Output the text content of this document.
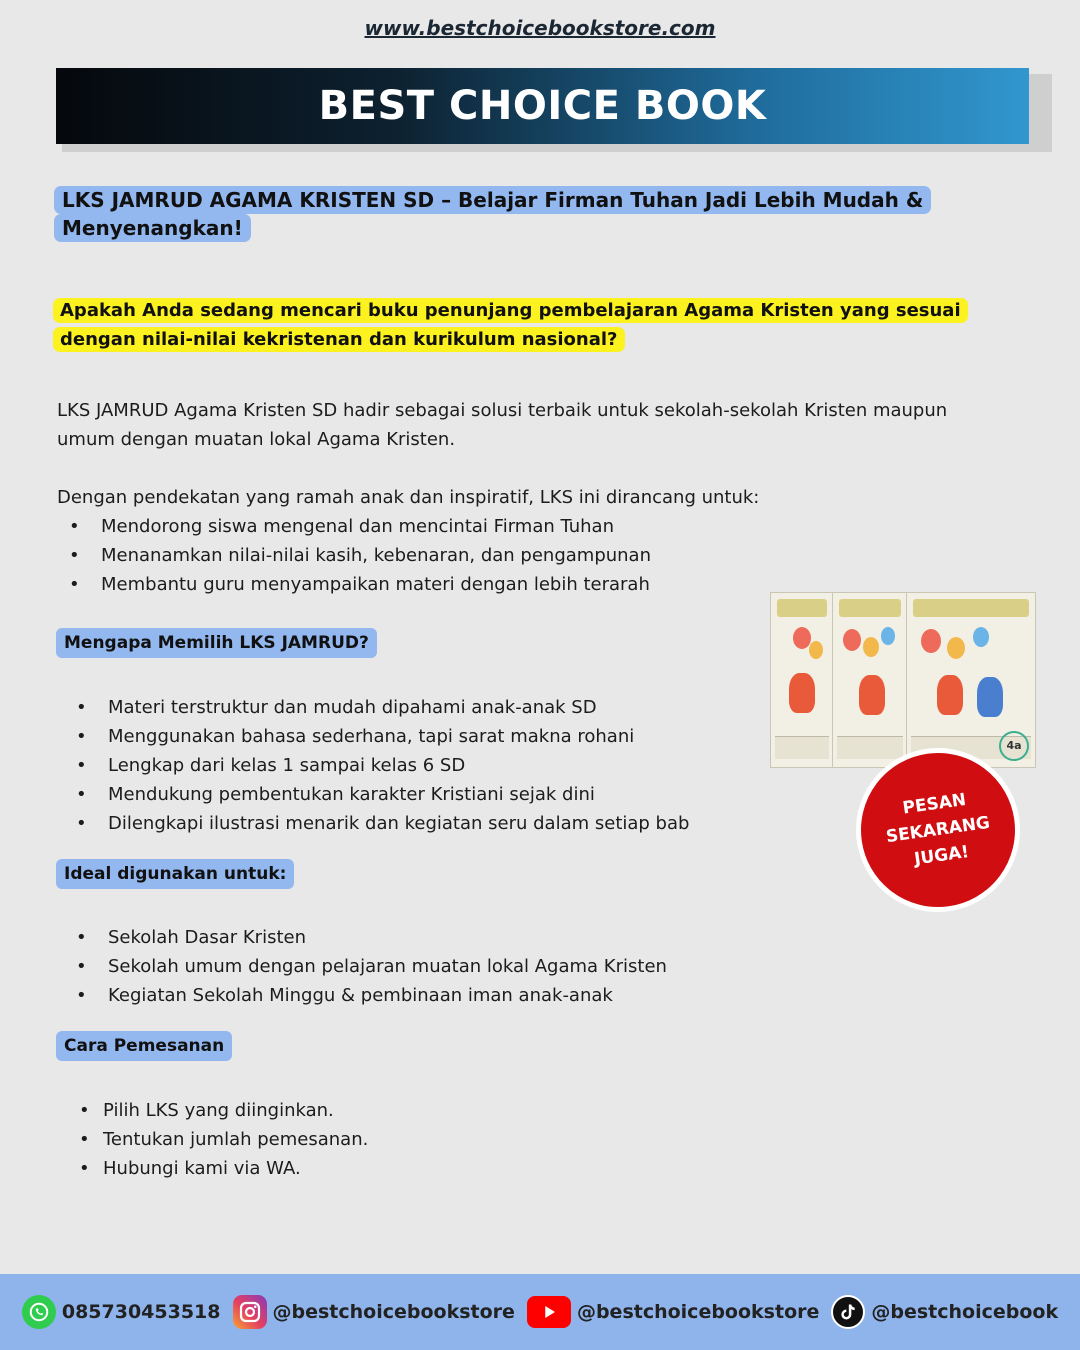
www.bestchoicebookstore.com
BEST CHOICE BOOK
LKS JAMRUD AGAMA KRISTEN SD – Belajar Firman Tuhan Jadi Lebih Mudah & Menyenangkan!
Apakah Anda sedang mencari buku penunjang pembelajaran Agama Kristen yang sesuai dengan nilai-nilai kekristenan dan kurikulum nasional?
LKS JAMRUD Agama Kristen SD hadir sebagai solusi terbaik untuk sekolah-sekolah Kristen maupun umum dengan muatan lokal Agama Kristen.
Dengan pendekatan yang ramah anak dan inspiratif, LKS ini dirancang untuk:
• Mendorong siswa mengenal dan mencintai Firman Tuhan
• Menanamkan nilai-nilai kasih, kebenaran, dan pengampunan
• Membantu guru menyampaikan materi dengan lebih terarah
Mengapa Memilih LKS JAMRUD?
• Materi terstruktur dan mudah dipahami anak-anak SD
• Menggunakan bahasa sederhana, tapi sarat makna rohani
• Lengkap dari kelas 1 sampai kelas 6 SD
• Mendukung pembentukan karakter Kristiani sejak dini
• Dilengkapi ilustrasi menarik dan kegiatan seru dalam setiap bab
Ideal digunakan untuk:
• Sekolah Dasar Kristen
• Sekolah umum dengan pelajaran muatan lokal Agama Kristen
• Kegiatan Sekolah Minggu & pembinaan iman anak-anak
Cara Pemesanan
• Pilih LKS yang diinginkan.
• Tentukan jumlah pemesanan.
• Hubungi kami via WA.
4a
PESAN
SEKARANG
JUGA!
085730453518	@bestchoicebookstore	@bestchoicebookstore	@bestchoicebook
